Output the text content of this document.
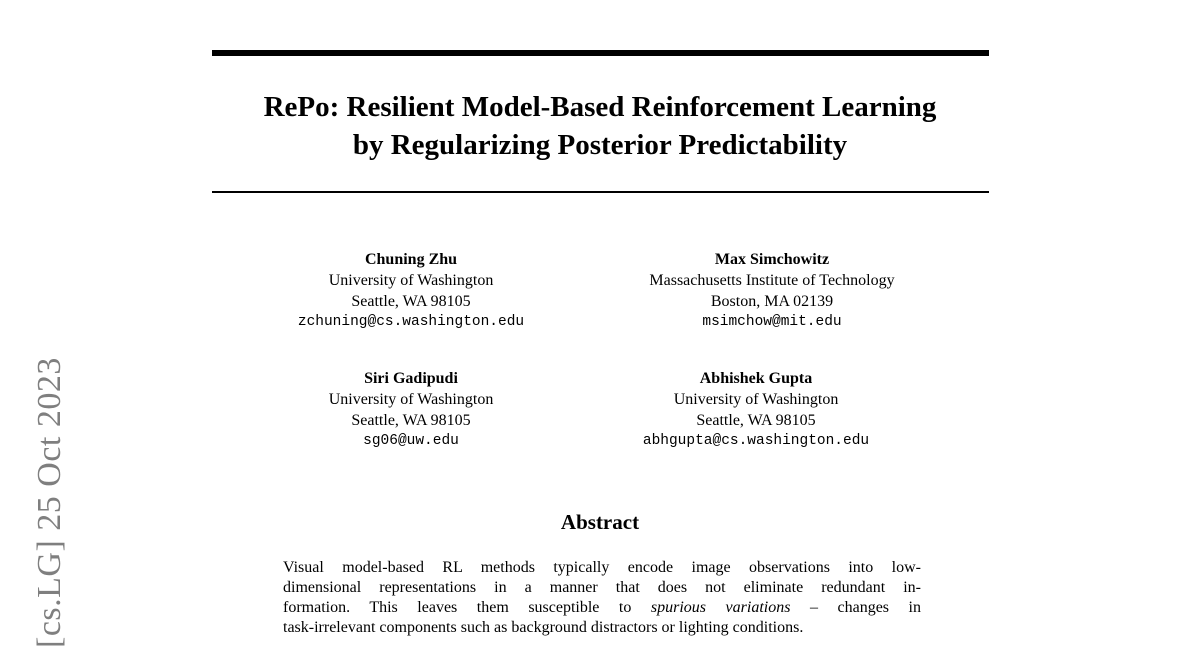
RePo: Resilient Model-Based Reinforcement Learning
by Regularizing Posterior Predictability
Chuning Zhu
University of Washington
Seattle, WA 98105
zchuning@cs.washington.edu
Max Simchowitz
Massachusetts Institute of Technology
Boston, MA 02139
msimchow@mit.edu
Siri Gadipudi
University of Washington
Seattle, WA 98105
sg06@uw.edu
Abhishek Gupta
University of Washington
Seattle, WA 98105
abhgupta@cs.washington.edu
Abstract
Visual model-based RL methods typically encode image observations into low-
dimensional representations in a manner that does not eliminate redundant in-
formation. This leaves them susceptible to spurious variations – changes in
task-irrelevant components such as background distractors or lighting conditions.
[cs.LG] 25 Oct 2023
